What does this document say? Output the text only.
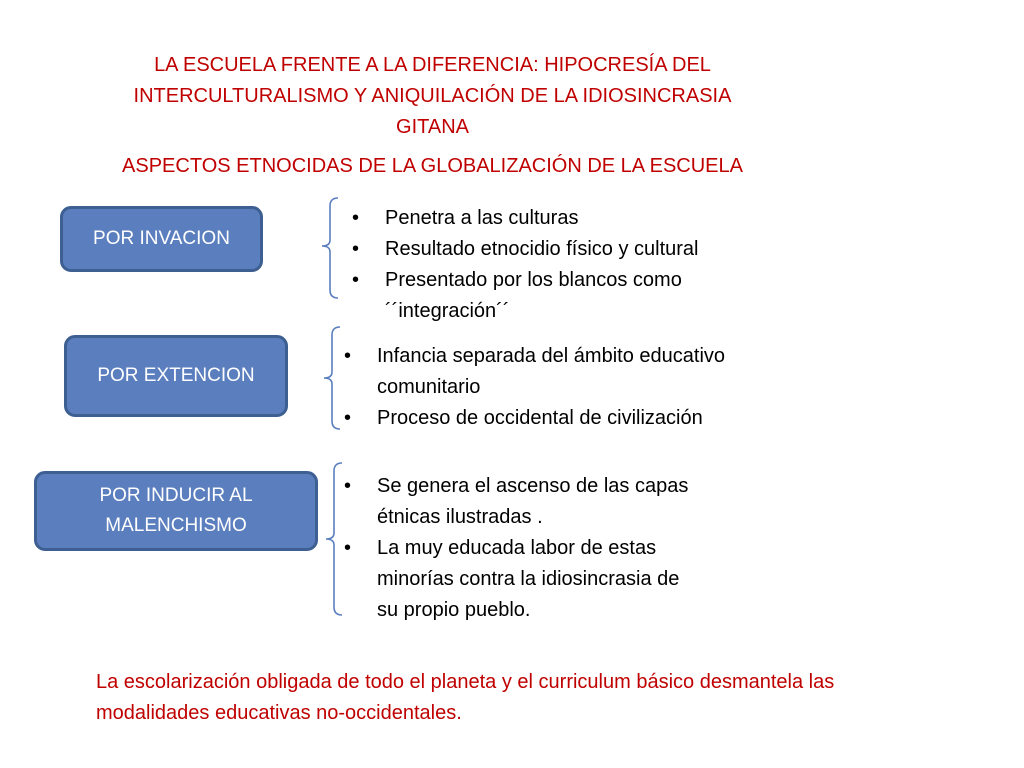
LA ESCUELA FRENTE A LA DIFERENCIA: HIPOCRESÍA DEL
INTERCULTURALISMO Y ANIQUILACIÓN DE LA IDIOSINCRASIA
GITANA
ASPECTOS ETNOCIDAS DE LA GLOBALIZACIÓN DE LA ESCUELA
POR INVACION
• Penetra a las culturas
• Resultado etnocidio físico y cultural
• Presentado por los blancos como
´´integración´´
POR EXTENCION
• Infancia separada del ámbito educativo
comunitario
• Proceso de occidental de civilización
POR INDUCIR AL
MALENCHISMO
• Se genera el ascenso de las capas
étnicas ilustradas .
• La muy educada labor de estas
minorías contra la idiosincrasia de
su propio pueblo.
La escolarización obligada de todo el planeta y el curriculum básico desmantela las
modalidades educativas no-occidentales.
